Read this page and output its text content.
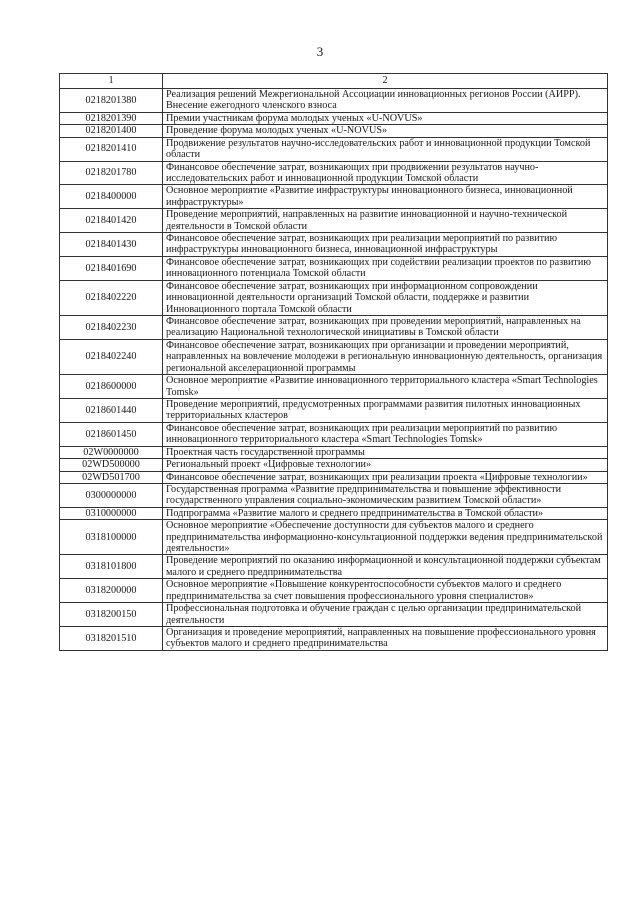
3
1	2
0218201380	Реализация решений Межрегиональной Ассоциации инновационных регионов России (АИРР). Внесение ежегодного членского взноса
0218201390	Премии участникам форума молодых ученых «U-NOVUS»
0218201400	Проведение форума молодых ученых «U-NOVUS»
0218201410	Продвижение результатов научно-исследовательских работ и инновационной продукции Томской области
0218201780	Финансовое обеспечение затрат, возникающих при продвижении результатов научно-исследовательских работ и инновационной продукции Томской области
0218400000	Основное мероприятие «Развитие инфраструктуры инновационного бизнеса, инновационной инфраструктуры»
0218401420	Проведение мероприятий, направленных на развитие инновационной и научно-технической деятельности в Томской области
0218401430	Финансовое обеспечение затрат, возникающих при реализации мероприятий по развитию инфраструктуры инновационного бизнеса, инновационной инфраструктуры
0218401690	Финансовое обеспечение затрат, возникающих при содействии реализации проектов по развитию инновационного потенциала Томской области
0218402220	Финансовое обеспечение затрат, возникающих при информационном сопровождении инновационной деятельности организаций Томской области, поддержке и развитии Инновационного портала Томской области
0218402230	Финансовое обеспечение затрат, возникающих при проведении мероприятий, направленных на реализацию Национальной технологической инициативы в Томской области
0218402240	Финансовое обеспечение затрат, возникающих при организации и проведении мероприятий, направленных на вовлечение молодежи в региональную инновационную деятельность, организация региональной акселерационной программы
0218600000	Основное мероприятие «Развитие инновационного территориального кластера «Smart Technologies Tomsk»
0218601440	Проведение мероприятий, предусмотренных программами развития пилотных инновационных территориальных кластеров
0218601450	Финансовое обеспечение затрат, возникающих при реализации мероприятий по развитию инновационного территориального кластера «Smart Technologies Tomsk»
02W0000000	Проектная часть государственной программы
02WD500000	Региональный проект «Цифровые технологии»
02WD501700	Финансовое обеспечение затрат, возникающих при реализации проекта «Цифровые технологии»
0300000000	Государственная программа «Развитие предпринимательства и повышение эффективности государственного управления социально-экономическим развитием Томской области»
0310000000	Подпрограмма «Развитие малого и среднего предпринимательства в Томской области»
0318100000	Основное мероприятие «Обеспечение доступности для субъектов малого и среднего предпринимательства информационно-консультационной поддержки ведения предпринимательской деятельности»
0318101800	Проведение мероприятий по оказанию информационной и консультационной поддержки субъектам малого и среднего предпринимательства
0318200000	Основное мероприятие «Повышение конкурентоспособности субъектов малого и среднего предпринимательства за счет повышения профессионального уровня специалистов»
0318200150	Профессиональная подготовка и обучение граждан с целью организации предпринимательской деятельности
0318201510	Организация и проведение мероприятий, направленных на повышение профессионального уровня субъектов малого и среднего предпринимательства
